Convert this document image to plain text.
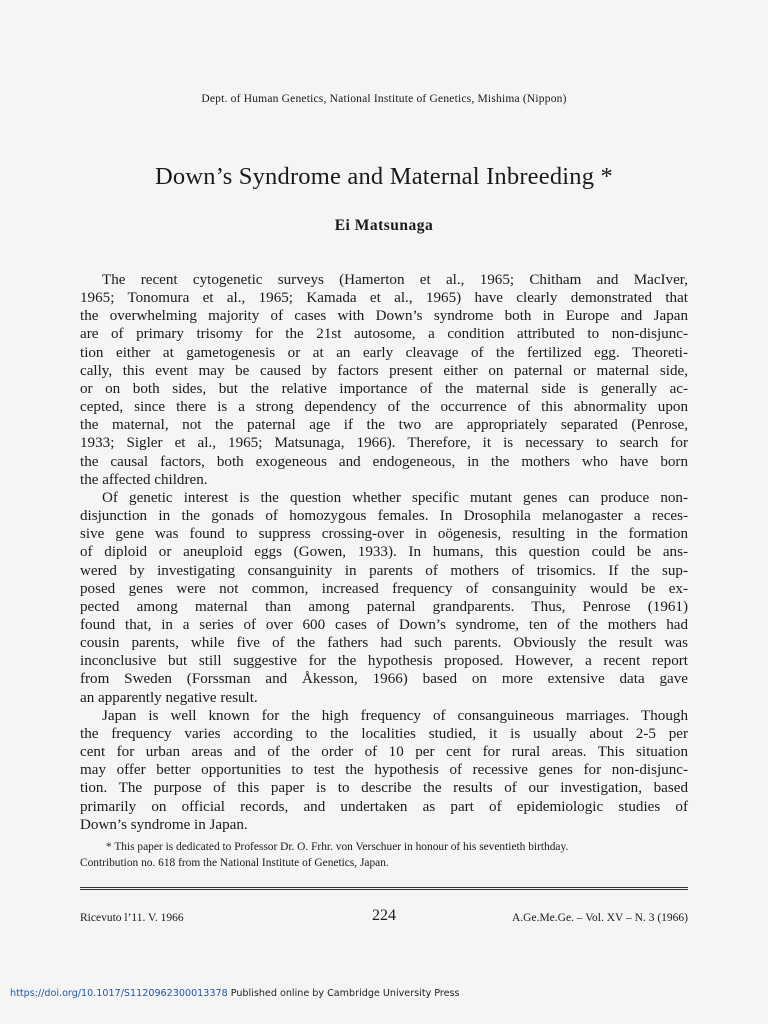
Dept. of Human Genetics, National Institute of Genetics, Mishima (Nippon)
Down’s Syndrome and Maternal Inbreeding *
Ei Matsunaga
The recent cytogenetic surveys (Hamerton et al., 1965; Chitham and MacIver,
1965; Tonomura et al., 1965; Kamada et al., 1965) have clearly demonstrated that
the overwhelming majority of cases with Down’s syndrome both in Europe and Japan
are of primary trisomy for the 21st autosome, a condition attributed to non-disjunc-
tion either at gametogenesis or at an early cleavage of the fertilized egg. Theoreti-
cally, this event may be caused by factors present either on paternal or maternal side,
or on both sides, but the relative importance of the maternal side is generally ac-
cepted, since there is a strong dependency of the occurrence of this abnormality upon
the maternal, not the paternal age if the two are appropriately separated (Penrose,
1933; Sigler et al., 1965; Matsunaga, 1966). Therefore, it is necessary to search for
the causal factors, both exogeneous and endogeneous, in the mothers who have born
the affected children.
Of genetic interest is the question whether specific mutant genes can produce non-
disjunction in the gonads of homozygous females. In Drosophila melanogaster a reces-
sive gene was found to suppress crossing-over in oögenesis, resulting in the formation
of diploid or aneuploid eggs (Gowen, 1933). In humans, this question could be ans-
wered by investigating consanguinity in parents of mothers of trisomics. If the sup-
posed genes were not common, increased frequency of consanguinity would be ex-
pected among maternal than among paternal grandparents. Thus, Penrose (1961)
found that, in a series of over 600 cases of Down’s syndrome, ten of the mothers had
cousin parents, while five of the fathers had such parents. Obviously the result was
inconclusive but still suggestive for the hypothesis proposed. However, a recent report
from Sweden (Forssman and Åkesson, 1966) based on more extensive data gave
an apparently negative result.
Japan is well known for the high frequency of consanguineous marriages. Though
the frequency varies according to the localities studied, it is usually about 2-5 per
cent for urban areas and of the order of 10 per cent for rural areas. This situation
may offer better opportunities to test the hypothesis of recessive genes for non-disjunc-
tion. The purpose of this paper is to describe the results of our investigation, based
primarily on official records, and undertaken as part of epidemiologic studies of
Down’s syndrome in Japan.
* This paper is dedicated to Professor Dr. O. Frhr. von Verschuer in honour of his seventieth birthday.
Contribution no. 618 from the National Institute of Genetics, Japan.
Ricevuto l’11. V. 1966	224	A.Ge.Me.Ge. – Vol. XV – N. 3 (1966)
https://doi.org/10.1017/S1120962300013378 Published online by Cambridge University Press
